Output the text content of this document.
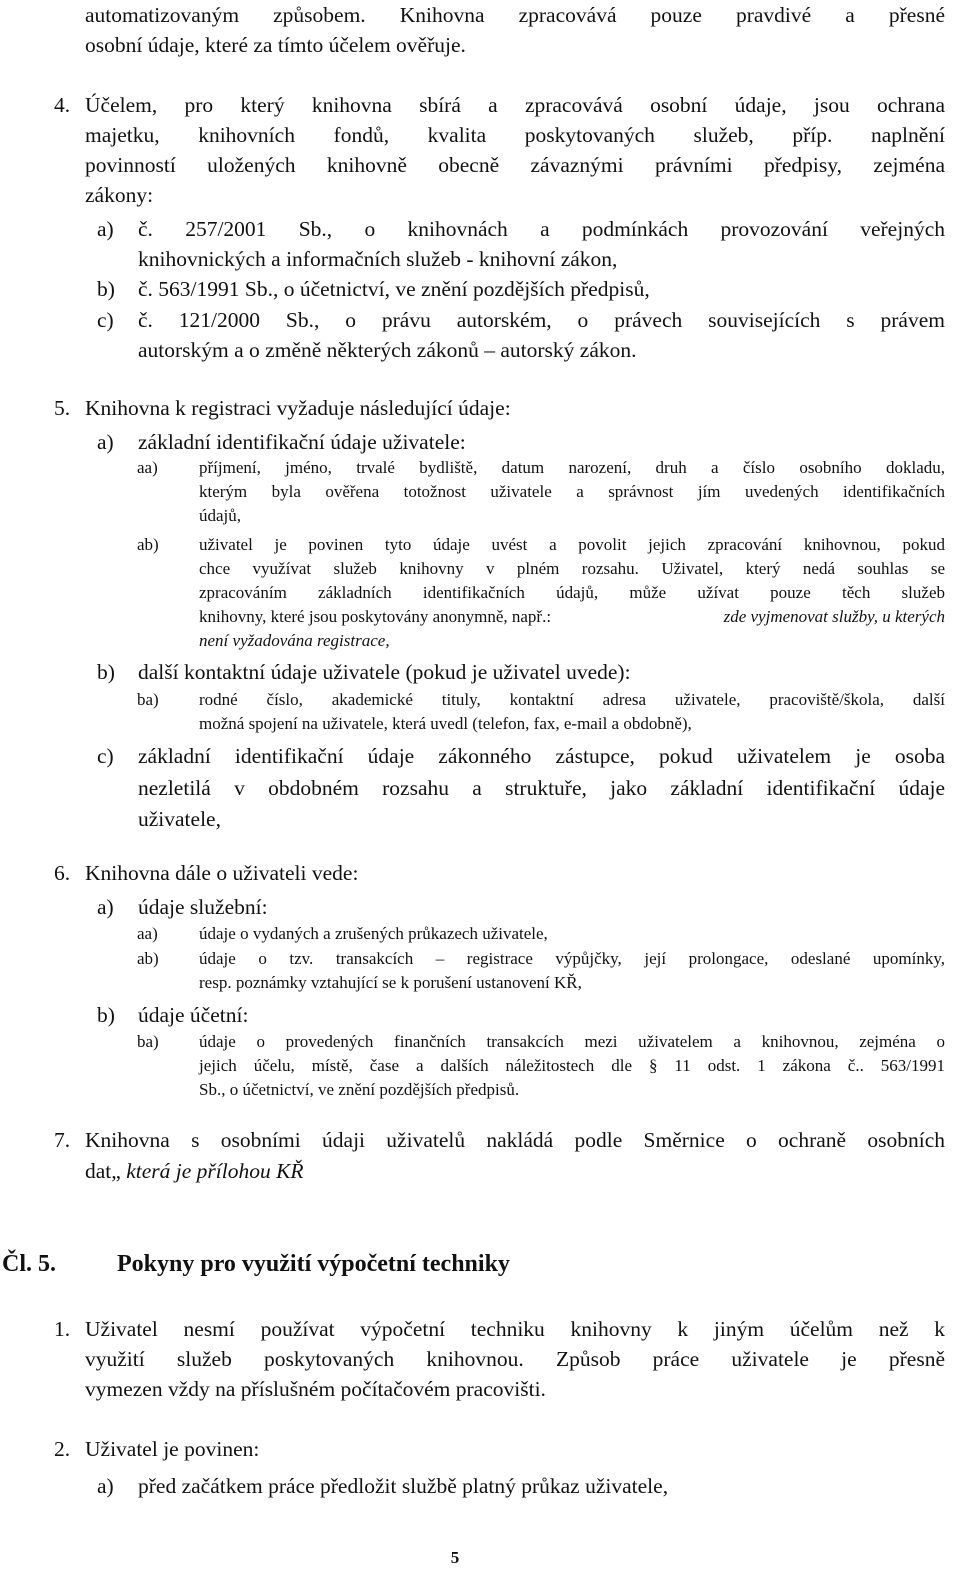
automatizovaným způsobem. Knihovna zpracovává pouze pravdivé a přesné
osobní údaje, které za tímto účelem ověřuje.
4. Účelem, pro který knihovna sbírá a zpracovává osobní údaje, jsou ochrana
majetku, knihovních fondů, kvalita poskytovaných služeb, příp. naplnění
povinností uložených knihovně obecně závaznými právními předpisy, zejména
zákony:
a)	č. 257/2001 Sb., o knihovnách a podmínkách provozování veřejných
knihovnických a informačních služeb - knihovní zákon,
b)	č. 563/1991 Sb., o účetnictví, ve znění pozdějších předpisů,
c)	č. 121/2000 Sb., o právu autorském, o právech souvisejících s právem
autorským a o změně některých zákonů – autorský zákon.
5. Knihovna k registraci vyžaduje následující údaje:
a)	základní identifikační údaje uživatele:
aa)	příjmení, jméno, trvalé bydliště, datum narození, druh a číslo osobního dokladu,
kterým byla ověřena totožnost uživatele a správnost jím uvedených identifikačních
údajů,
ab)	uživatel je povinen tyto údaje uvést a povolit jejich zpracování knihovnou, pokud
chce využívat služeb knihovny v plném rozsahu. Uživatel, který nedá souhlas se
zpracováním základních identifikačních údajů, může užívat pouze těch služeb
knihovny, které jsou poskytovány anonymně, např.:	zde vyjmenovat služby, u kterých
není vyžadována registrace,
b)	další kontaktní údaje uživatele (pokud je uživatel uvede):
ba)	rodné číslo, akademické tituly, kontaktní adresa uživatele, pracoviště/škola, další
možná spojení na uživatele, která uvedl (telefon, fax, e-mail a obdobně),
c)	základní identifikační údaje zákonného zástupce, pokud uživatelem je osoba
nezletilá v obdobném rozsahu a struktuře, jako základní identifikační údaje
uživatele,
6. Knihovna dále o uživateli vede:
a)	údaje služební:
aa)	údaje o vydaných a zrušených průkazech uživatele,
ab)	údaje o tzv. transakcích – registrace výpůjčky, její prolongace, odeslané upomínky,
resp. poznámky vztahující se k porušení ustanovení KŘ,
b)	údaje účetní:
ba)	údaje o provedených finančních transakcích mezi uživatelem a knihovnou, zejména o
jejich účelu, místě, čase a dalších náležitostech dle § 11 odst. 1 zákona č.. 563/1991
Sb., o účetnictví, ve znění pozdějších předpisů.
7. Knihovna s osobními údaji uživatelů nakládá podle Směrnice o ochraně osobních
dat„ která je přílohou KŘ
Čl. 5.	Pokyny pro využití výpočetní techniky
1. Uživatel nesmí používat výpočetní techniku knihovny k jiným účelům než k
využití služeb poskytovaných knihovnou. Způsob práce uživatele je přesně
vymezen vždy na příslušném počítačovém pracovišti.
2. Uživatel je povinen:
a)	před začátkem práce předložit službě platný průkaz uživatele,
5
